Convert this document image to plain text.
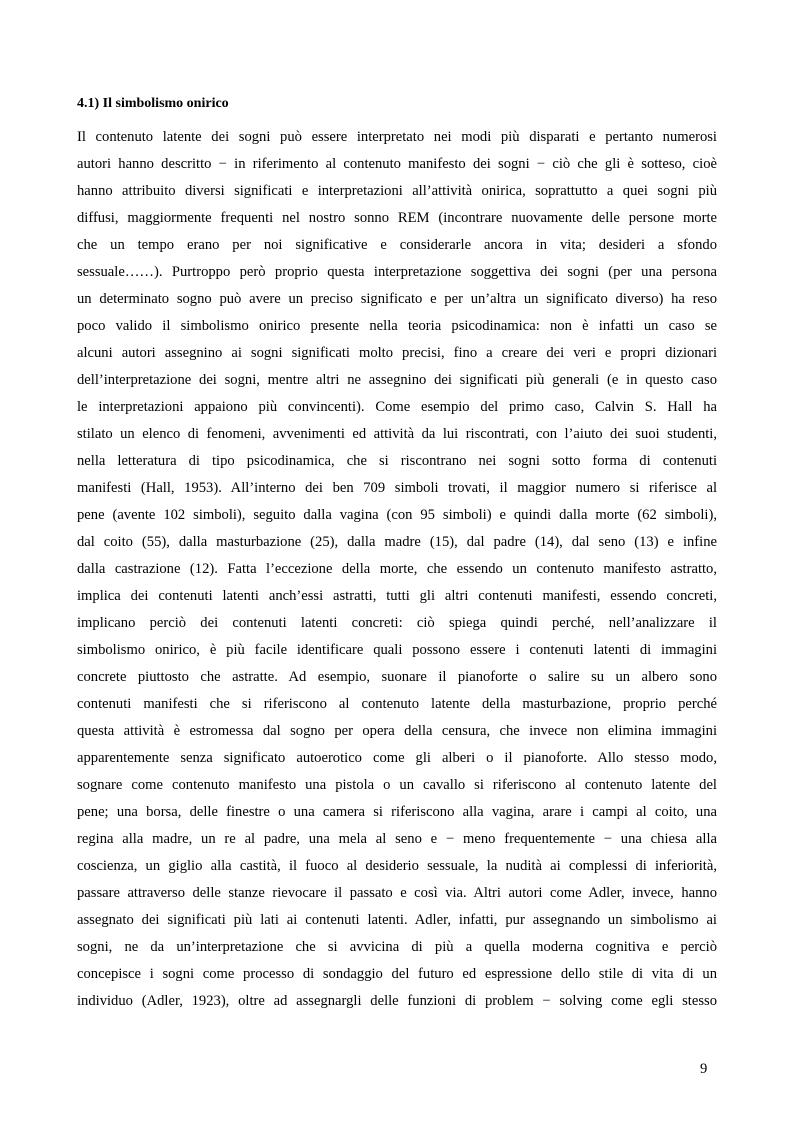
4.1) Il simbolismo onirico
Il contenuto latente dei sogni può essere interpretato nei modi più disparati e pertanto numerosi
autori hanno descritto − in riferimento al contenuto manifesto dei sogni − ciò che gli è sotteso, cioè
hanno attribuito diversi significati e interpretazioni all’attività onirica, soprattutto a quei sogni più
diffusi, maggiormente frequenti nel nostro sonno REM (incontrare nuovamente delle persone morte
che un tempo erano per noi significative e considerarle ancora in vita; desideri a sfondo
sessuale……). Purtroppo però proprio questa interpretazione soggettiva dei sogni (per una persona
un determinato sogno può avere un preciso significato e per un’altra un significato diverso) ha reso
poco valido il simbolismo onirico presente nella teoria psicodinamica: non è infatti un caso se
alcuni autori assegnino ai sogni significati molto precisi, fino a creare dei veri e propri dizionari
dell’interpretazione dei sogni, mentre altri ne assegnino dei significati più generali (e in questo caso
le interpretazioni appaiono più convincenti). Come esempio del primo caso, Calvin S. Hall ha
stilato un elenco di fenomeni, avvenimenti ed attività da lui riscontrati, con l’aiuto dei suoi studenti,
nella letteratura di tipo psicodinamica, che si riscontrano nei sogni sotto forma di contenuti
manifesti (Hall, 1953). All’interno dei ben 709 simboli trovati, il maggior numero si riferisce al
pene (avente 102 simboli), seguito dalla vagina (con 95 simboli) e quindi dalla morte (62 simboli),
dal coito (55), dalla masturbazione (25), dalla madre (15), dal padre (14), dal seno (13) e infine
dalla castrazione (12). Fatta l’eccezione della morte, che essendo un contenuto manifesto astratto,
implica dei contenuti latenti anch’essi astratti, tutti gli altri contenuti manifesti, essendo concreti,
implicano perciò dei contenuti latenti concreti: ciò spiega quindi perché, nell’analizzare il
simbolismo onirico, è più facile identificare quali possono essere i contenuti latenti di immagini
concrete piuttosto che astratte. Ad esempio, suonare il pianoforte o salire su un albero sono
contenuti manifesti che si riferiscono al contenuto latente della masturbazione, proprio perché
questa attività è estromessa dal sogno per opera della censura, che invece non elimina immagini
apparentemente senza significato autoerotico come gli alberi o il pianoforte. Allo stesso modo,
sognare come contenuto manifesto una pistola o un cavallo si riferiscono al contenuto latente del
pene; una borsa, delle finestre o una camera si riferiscono alla vagina, arare i campi al coito, una
regina alla madre, un re al padre, una mela al seno e − meno frequentemente − una chiesa alla
coscienza, un giglio alla castità, il fuoco al desiderio sessuale, la nudità ai complessi di inferiorità,
passare attraverso delle stanze rievocare il passato e così via. Altri autori come Adler, invece, hanno
assegnato dei significati più lati ai contenuti latenti. Adler, infatti, pur assegnando un simbolismo ai
sogni, ne da un’interpretazione che si avvicina di più a quella moderna cognitiva e perciò
concepisce i sogni come processo di sondaggio del futuro ed espressione dello stile di vita di un
individuo (Adler, 1923), oltre ad assegnargli delle funzioni di problem − solving come egli stesso
9
